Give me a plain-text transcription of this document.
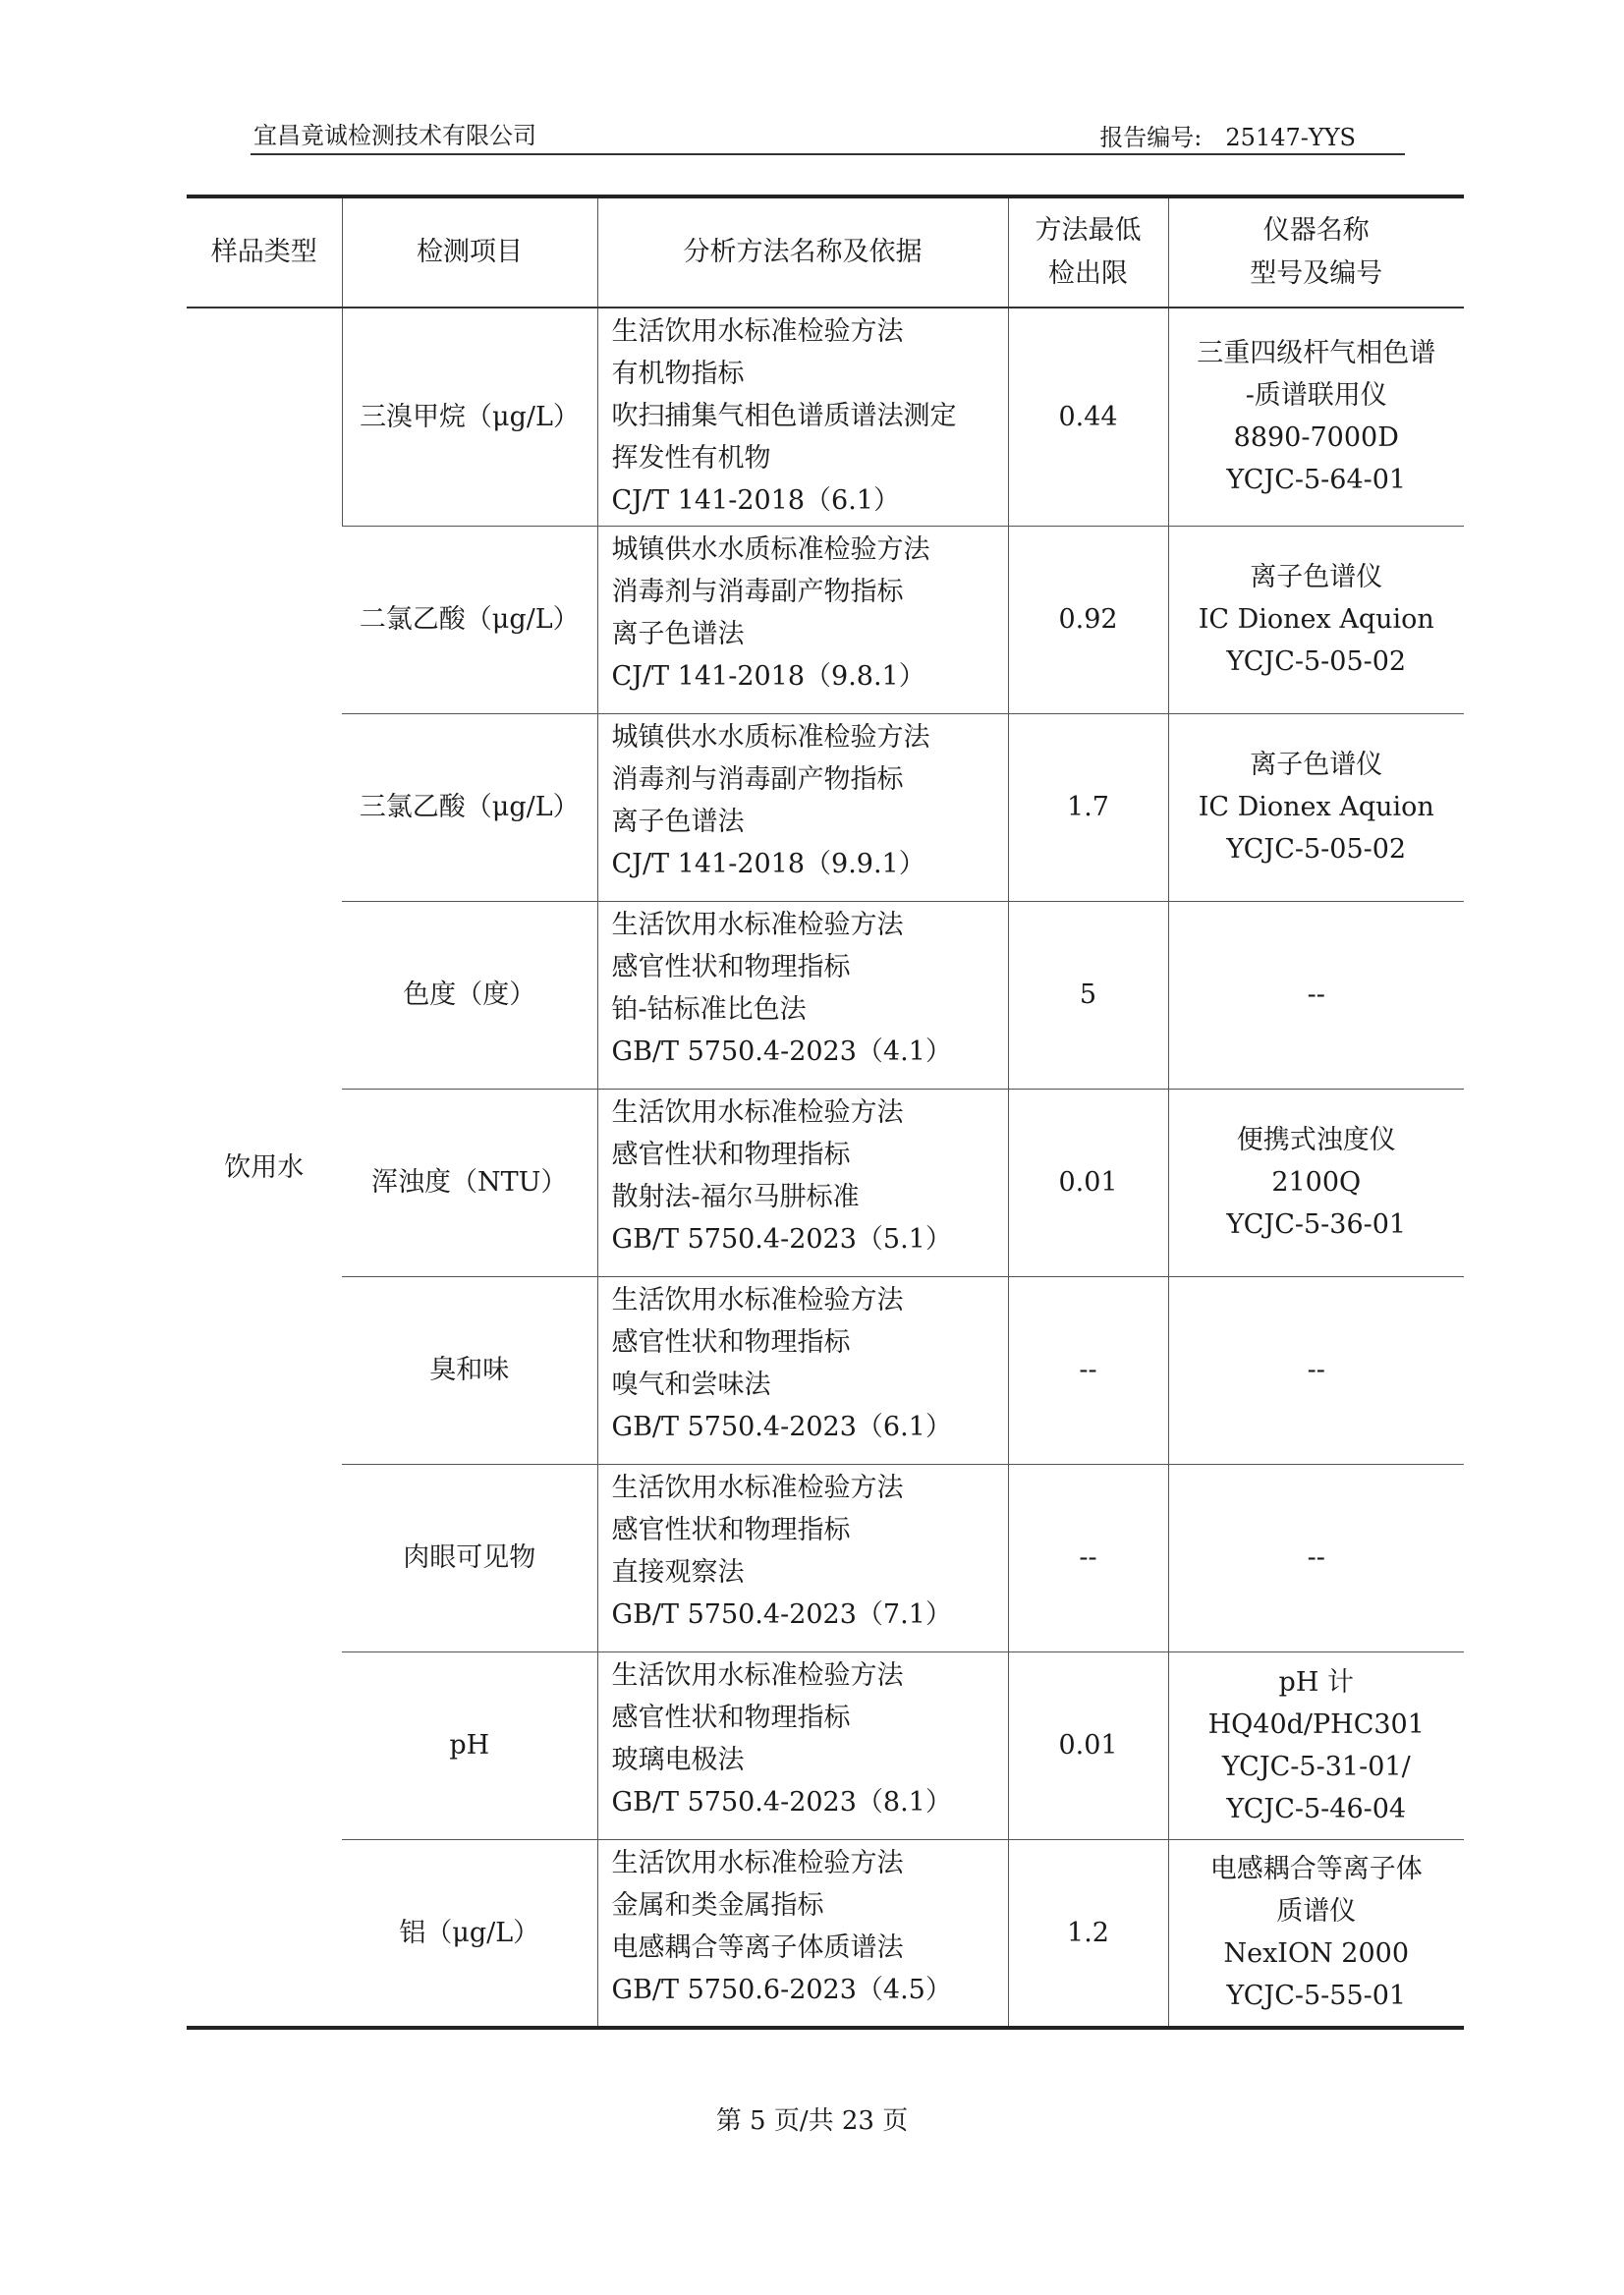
宜昌竟诚检测技术有限公司	报告编号: 25147-YYS
样品类型	检测项目	分析方法名称及依据	方法最低
检出限	仪器名称
型号及编号

饮用水	三溴甲烷（μg/L）	生活饮用水标准检验方法
有机物指标
吹扫捕集气相色谱质谱法测定
挥发性有机物
CJ/T 141-2018（6.1）	0.44	三重四级杆气相色谱
-质谱联用仪
8890-7000D
YCJC-5-64-01

	二氯乙酸（μg/L）	城镇供水水质标准检验方法
消毒剂与消毒副产物指标
离子色谱法
CJ/T 141-2018（9.8.1）	0.92	离子色谱仪
IC Dionex Aquion
YCJC-5-05-02

	三氯乙酸（μg/L）	城镇供水水质标准检验方法
消毒剂与消毒副产物指标
离子色谱法
CJ/T 141-2018（9.9.1）	1.7	离子色谱仪
IC Dionex Aquion
YCJC-5-05-02

	色度（度）	生活饮用水标准检验方法
感官性状和物理指标
铂-钴标准比色法
GB/T 5750.4-2023（4.1）	5	--

	浑浊度（NTU）	生活饮用水标准检验方法
感官性状和物理指标
散射法-福尔马肼标准
GB/T 5750.4-2023（5.1）	0.01	便携式浊度仪
2100Q
YCJC-5-36-01

	臭和味	生活饮用水标准检验方法
感官性状和物理指标
嗅气和尝味法
GB/T 5750.4-2023（6.1）	--	--

	肉眼可见物	生活饮用水标准检验方法
感官性状和物理指标
直接观察法
GB/T 5750.4-2023（7.1）	--	--

	pH	生活饮用水标准检验方法
感官性状和物理指标
玻璃电极法
GB/T 5750.4-2023（8.1）	0.01	pH 计
HQ40d/PHC301
YCJC-5-31-01/
YCJC-5-46-04

	铝（μg/L）	生活饮用水标准检验方法
金属和类金属指标
电感耦合等离子体质谱法
GB/T 5750.6-2023（4.5）	1.2	电感耦合等离子体
质谱仪
NexION 2000
YCJC-5-55-01
第 5 页/共 23 页
